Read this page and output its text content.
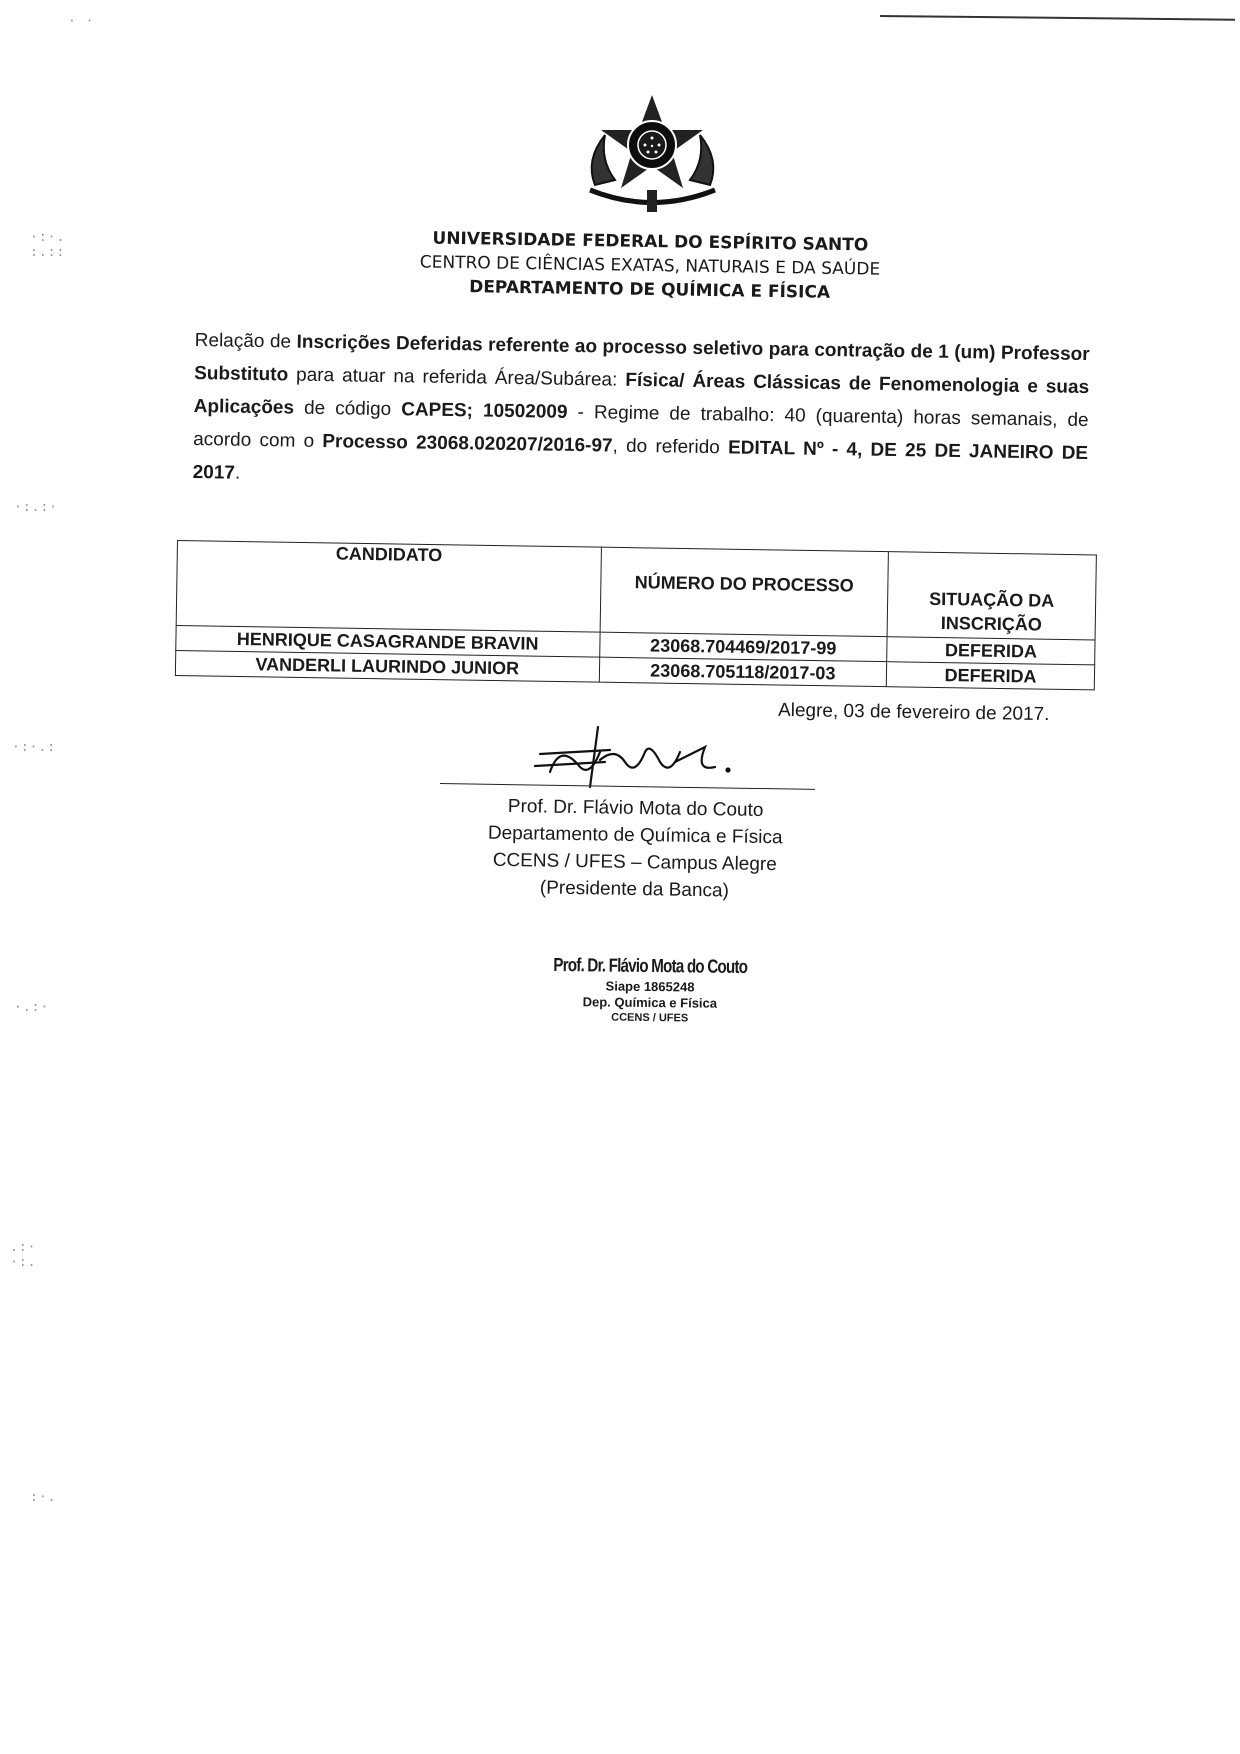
· ·
·:·.
:.::
·:.:·
·:·.:
·.:·
.:·
·:.
:·.
UNIVERSIDADE FEDERAL DO ESPÍRITO SANTO
CENTRO DE CIÊNCIAS EXATAS, NATURAIS E DA SAÚDE
DEPARTAMENTO DE QUÍMICA E FÍSICA
Relação de Inscrições Deferidas referente ao processo seletivo para contração de 1 (um) Professor Substituto para atuar na referida Área/Subárea: Física/ Áreas Clássicas de Fenomenologia e suas Aplicações de código CAPES; 10502009 - Regime de trabalho: 40 (quarenta) horas semanais, de acordo com o Processo 23068.020207/2016-97, do referido EDITAL Nº - 4, DE 25 DE JANEIRO DE 2017.
CANDIDATO	NÚMERO DO PROCESSO	SITUAÇÃO DA INSCRIÇÃO
HENRIQUE CASAGRANDE BRAVIN	23068.704469/2017-99	DEFERIDA
VANDERLI LAURINDO JUNIOR	23068.705118/2017-03	DEFERIDA
Alegre, 03 de fevereiro de 2017.
Prof. Dr. Flávio Mota do Couto
Departamento de Química e Física
CCENS / UFES – Campus Alegre
(Presidente da Banca)
Prof. Dr. Flávio Mota do Couto
Siape 1865248
Dep. Química e Física
CCENS / UFES
